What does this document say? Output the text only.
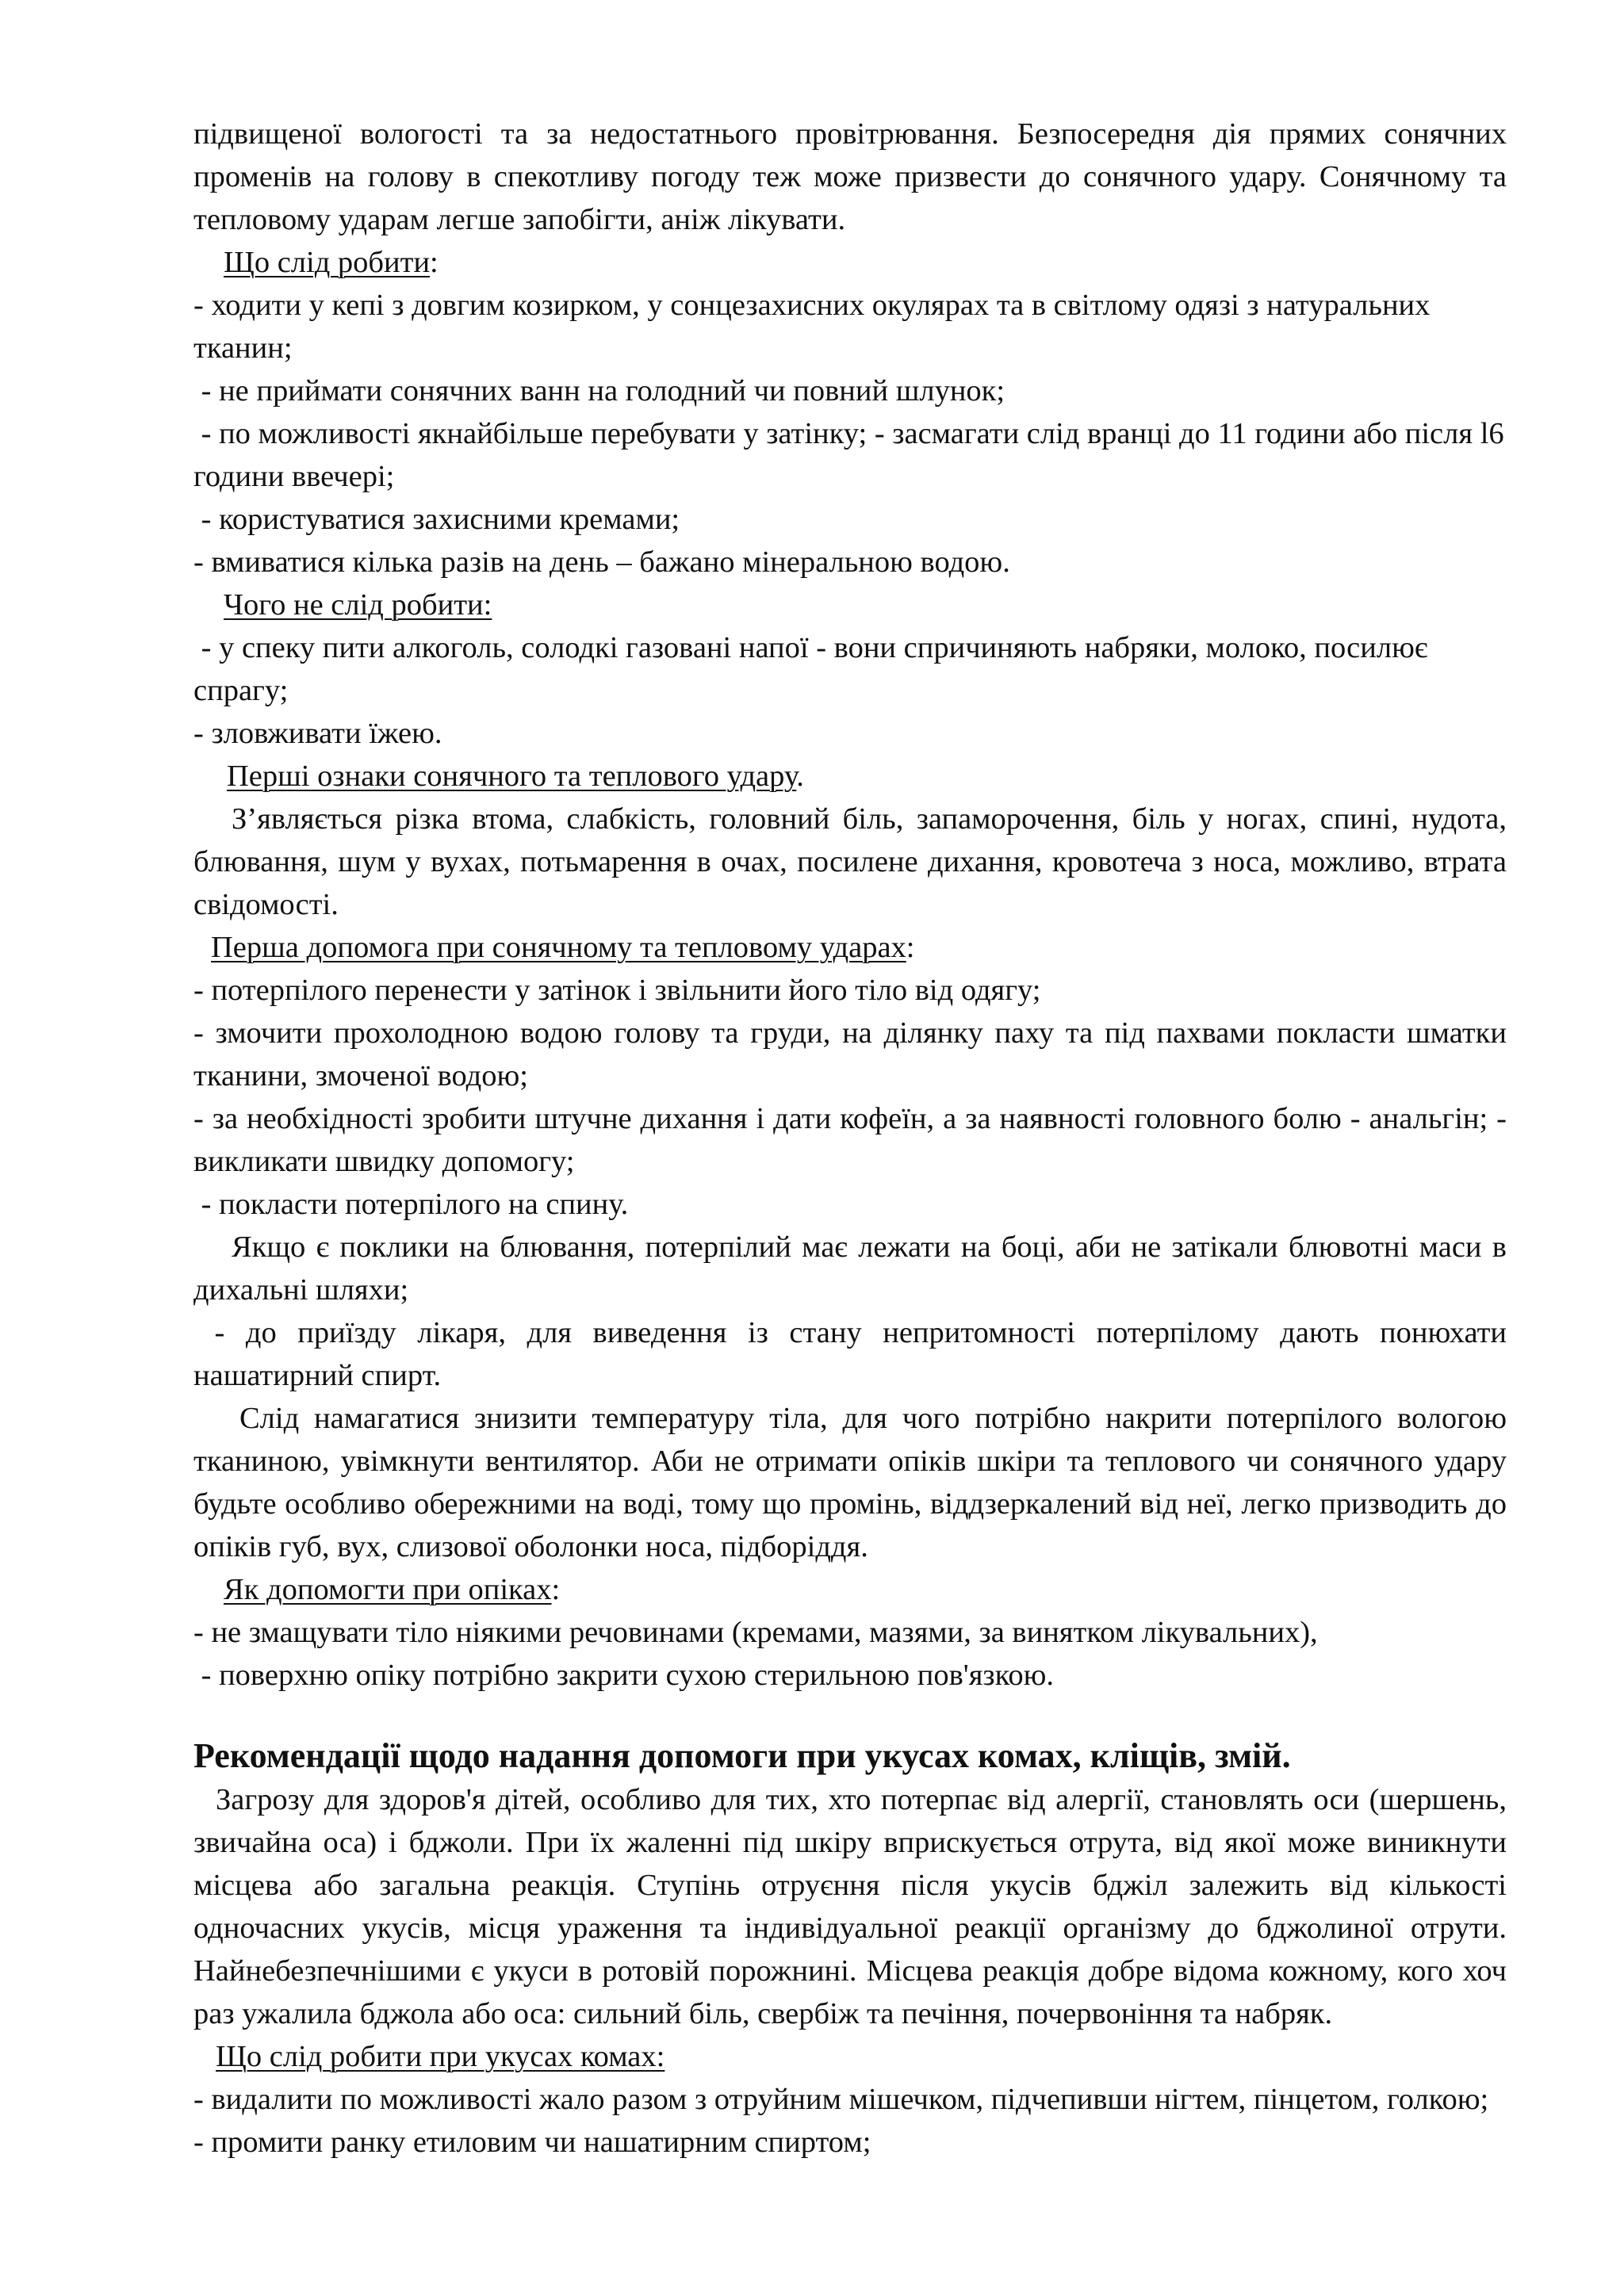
підвищеної вологості та за недостатнього провітрювання. Безпосередня дія прямих сонячних променів на голову в спекотливу погоду теж може призвести до сонячного удару. Сонячному та тепловому ударам легше запобігти, аніж лікувати.

Що слід робити:

- ходити у кепі з довгим козирком, у сонцезахисних окулярах та в світлому одязі з натуральних тканин;

- не приймати сонячних ванн на голодний чи повний шлунок;

- по можливості якнайбільше перебувати у затінку; - засмагати слід вранці до 11 години або після l6 години ввечері;

- користуватися захисними кремами;

- вмиватися кілька разів на день – бажано мінеральною водою.

Чого не слід робити:

- у спеку пити алкоголь, солодкі газовані напої - вони спричиняють набряки, молоко, посилює спрагу;

- зловживати їжею.

Перші ознаки сонячного та теплового удару.

З’являється різка втома, слабкість, головний біль, запаморочення, біль у ногах, спині, нудота, блювання, шум у вухах, потьмарення в очах, посилене дихання, кровотеча з носа, можливо, втрата свідомості.

Перша допомога при сонячному та тепловому ударах:

- потерпілого перенести у затінок і звільнити його тіло від одягу;

- змочити прохолодною водою голову та груди, на ділянку паху та під пахвами покласти шматки тканини, змоченої водою;

- за необхідності зробити штучне дихання і дати кофеїн, а за наявності головного болю - анальгін; - викликати швидку допомогу;

- покласти потерпілого на спину.

Якщо є поклики на блювання, потерпілий має лежати на боці, аби не затікали блювотні маси в дихальні шляхи;

- до приїзду лікаря, для виведення із стану непритомності потерпілому дають понюхати нашатирний спирт.

Слід намагатися знизити температуру тіла, для чого потрібно накрити потерпілого вологою тканиною, увімкнути вентилятор. Аби не отримати опіків шкіри та теплового чи сонячного удару будьте особливо обережними на воді, тому що промінь, віддзеркалений від неї, легко призводить до опіків губ, вух, слизової оболонки носа, підборіддя.

Як допомогти при опіках:

- не змащувати тіло ніякими речовинами (кремами, мазями, за винятком лікувальних),

- поверхню опіку потрібно закрити сухою стерильною пов'язкою.

Рекомендації щодо надання допомоги при укусах комах, кліщів, змій.

Загрозу для здоров'я дітей, особливо для тих, хто потерпає від алергії, становлять оси (шершень, звичайна оса) і бджоли. При їх жаленні під шкіру вприскується отрута, від якої може виникнути місцева або загальна реакція. Ступінь отруєння після укусів бджіл залежить від кількості одночасних укусів, місця ураження та індивідуальної реакції організму до бджолиної отрути. Найнебезпечнішими є укуси в ротовій порожнині. Місцева реакція добре відома кожному, кого хоч раз ужалила бджола або оса: сильний біль, свербіж та печіння, почервоніння та набряк.

Що слід робити при укусах комах:

- видалити по можливості жало разом з отруйним мішечком, підчепивши нігтем, пінцетом, голкою;

- промити ранку етиловим чи нашатирним спиртом;
